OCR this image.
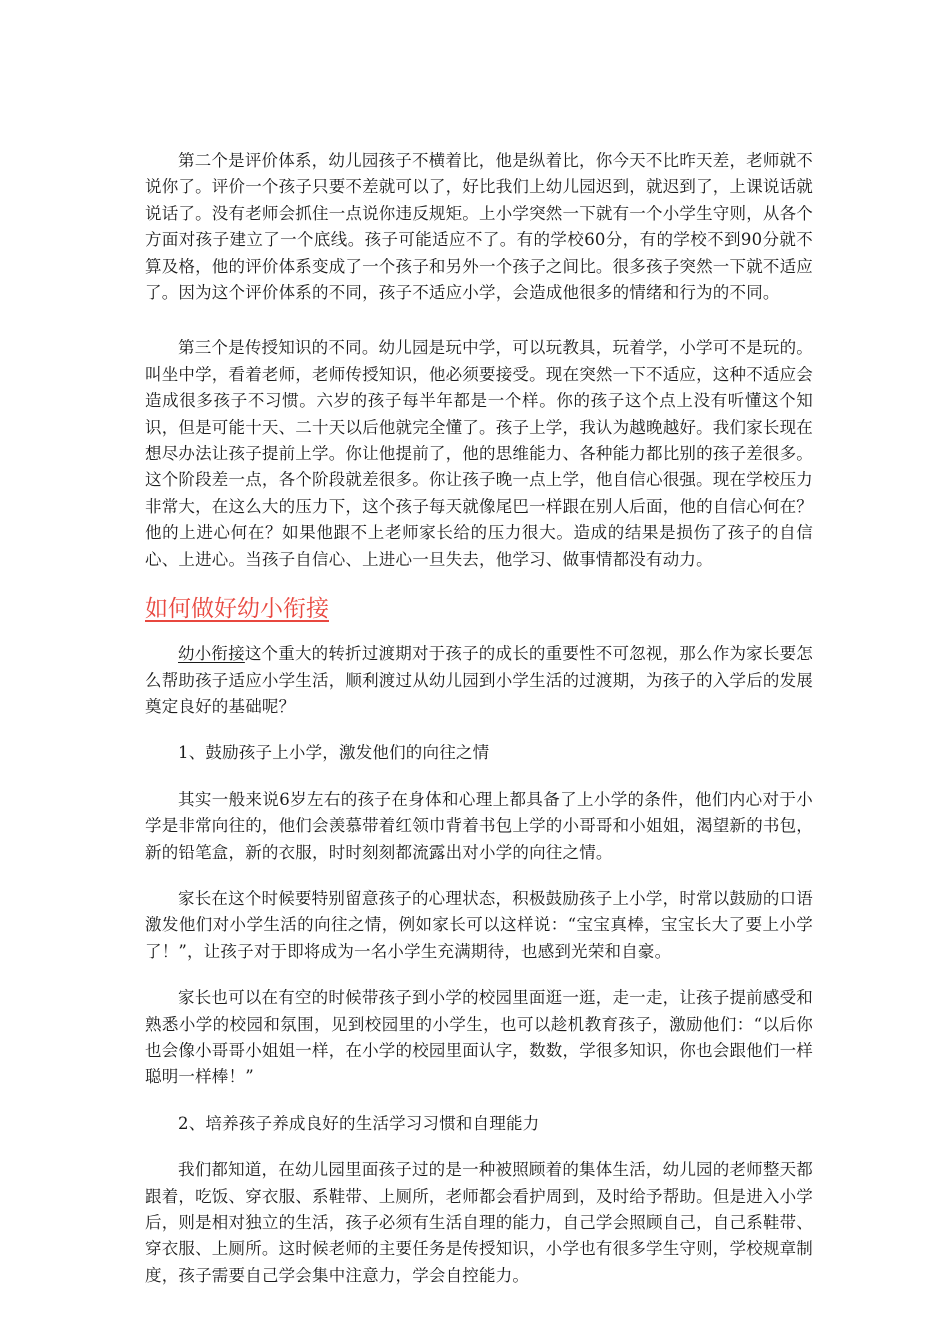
第二个是评价体系，幼儿园孩子不横着比，他是纵着比，你今天不比昨天差，老师就不说你了。评价一个孩子只要不差就可以了，好比我们上幼儿园迟到，就迟到了，上课说话就说话了。没有老师会抓住一点说你违反规矩。上小学突然一下就有一个小学生守则，从各个方面对孩子建立了一个底线。孩子可能适应不了。有的学校60分，有的学校不到90分就不算及格，他的评价体系变成了一个孩子和另外一个孩子之间比。很多孩子突然一下就不适应了。因为这个评价体系的不同，孩子不适应小学，会造成他很多的情绪和行为的不同。

第三个是传授知识的不同。幼儿园是玩中学，可以玩教具，玩着学，小学可不是玩的。叫坐中学，看着老师，老师传授知识，他必须要接受。现在突然一下不适应，这种不适应会造成很多孩子不习惯。六岁的孩子每半年都是一个样。你的孩子这个点上没有听懂这个知识，但是可能十天、二十天以后他就完全懂了。孩子上学，我认为越晚越好。我们家长现在想尽办法让孩子提前上学。你让他提前了，他的思维能力、各种能力都比别的孩子差很多。这个阶段差一点，各个阶段就差很多。你让孩子晚一点上学，他自信心很强。现在学校压力非常大，在这么大的压力下，这个孩子每天就像尾巴一样跟在别人后面，他的自信心何在？他的上进心何在？如果他跟不上老师家长给的压力很大。造成的结果是损伤了孩子的自信心、上进心。当孩子自信心、上进心一旦失去，他学习、做事情都没有动力。

如何做好幼小衔接

幼小衔接这个重大的转折过渡期对于孩子的成长的重要性不可忽视，那么作为家长要怎么帮助孩子适应小学生活，顺利渡过从幼儿园到小学生活的过渡期，为孩子的入学后的发展奠定良好的基础呢？

1、鼓励孩子上小学，激发他们的向往之情

其实一般来说6岁左右的孩子在身体和心理上都具备了上小学的条件，他们内心对于小学是非常向往的，他们会羡慕带着红领巾背着书包上学的小哥哥和小姐姐，渴望新的书包，新的铅笔盒，新的衣服，时时刻刻都流露出对小学的向往之情。

家长在这个时候要特别留意孩子的心理状态，积极鼓励孩子上小学，时常以鼓励的口语激发他们对小学生活的向往之情，例如家长可以这样说：“宝宝真棒，宝宝长大了要上小学了！”，让孩子对于即将成为一名小学生充满期待，也感到光荣和自豪。

家长也可以在有空的时候带孩子到小学的校园里面逛一逛，走一走，让孩子提前感受和熟悉小学的校园和氛围，见到校园里的小学生，也可以趁机教育孩子，激励他们：“以后你也会像小哥哥小姐姐一样，在小学的校园里面认字，数数，学很多知识，你也会跟他们一样聪明一样棒！”

2、培养孩子养成良好的生活学习习惯和自理能力

我们都知道，在幼儿园里面孩子过的是一种被照顾着的集体生活，幼儿园的老师整天都跟着，吃饭、穿衣服、系鞋带、上厕所，老师都会看护周到，及时给予帮助。但是进入小学后，则是相对独立的生活，孩子必须有生活自理的能力，自己学会照顾自己，自己系鞋带、穿衣服、上厕所。这时候老师的主要任务是传授知识，小学也有很多学生守则，学校规章制度，孩子需要自己学会集中注意力，学会自控能力。
